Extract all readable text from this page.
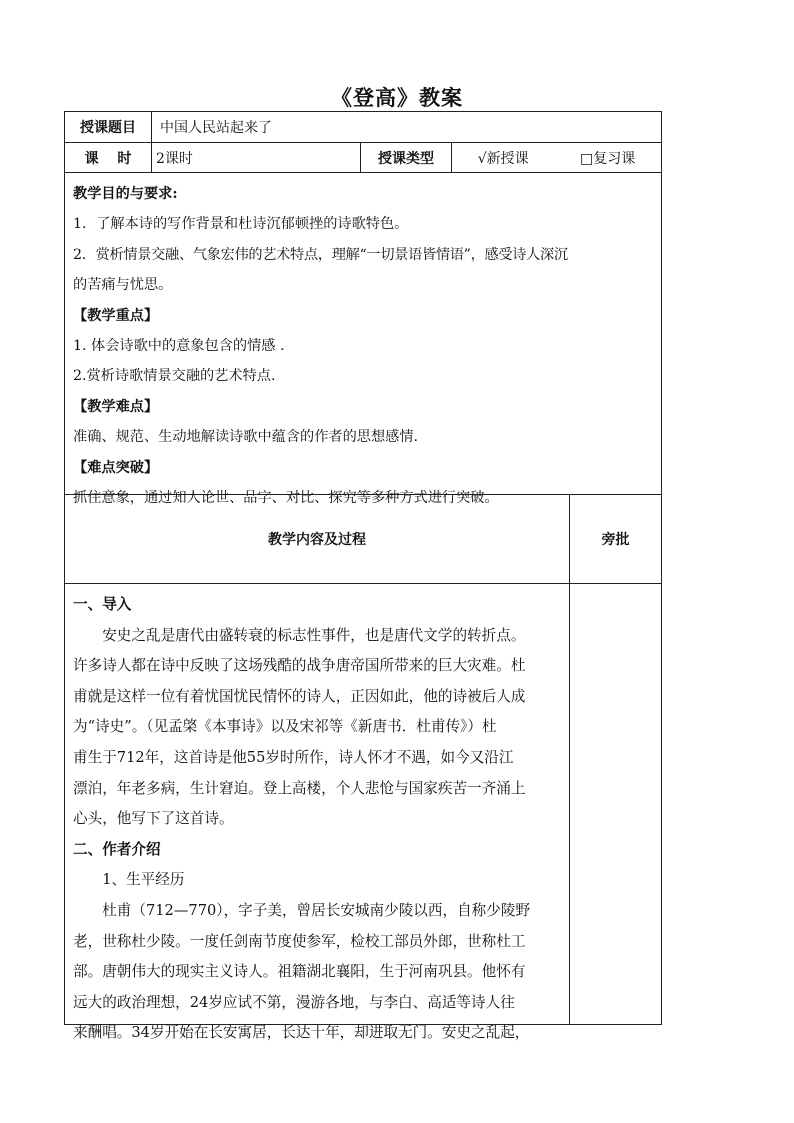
《登高》教案
授课题目	中国人民站起来了
课　 时	2课时	授课类型	√新授课	□复习课

教学目的与要求:

1．了解本诗的写作背景和杜诗沉郁顿挫的诗歌特色。

2．赏析情景交融、气象宏伟的艺术特点，理解“一切景语皆情语”，感受诗人深沉

的苦痛与忧思。

【教学重点】

1. 体会诗歌中的意象包含的情感 .

2.赏析诗歌情景交融的艺术特点.

【教学难点】

准确、规范、生动地解读诗歌中蕴含的作者的思想感情.

【难点突破】

抓住意象，通过知人论世、品字、对比、探究等多种方式进行突破。

教学内容及过程	旁批

一、导入

安史之乱是唐代由盛转衰的标志性事件，也是唐代文学的转折点。

许多诗人都在诗中反映了这场残酷的战争唐帝国所带来的巨大灾难。杜

甫就是这样一位有着忧国忧民情怀的诗人，正因如此，他的诗被后人成

为“诗史”。（见孟棨《本事诗》以及宋祁等《新唐书．杜甫传》）杜

甫生于712年，这首诗是他55岁时所作，诗人怀才不遇，如今又沿江

漂泊，年老多病，生计窘迫。登上高楼，个人悲怆与国家疾苦一齐涌上

心头，他写下了这首诗。

二、作者介绍

1、生平经历

杜甫（712—770），字子美，曾居长安城南少陵以西，自称少陵野

老，世称杜少陵。一度任剑南节度使参军，检校工部员外郎，世称杜工

部。唐朝伟大的现实主义诗人。祖籍湖北襄阳，生于河南巩县。他怀有

远大的政治理想，24岁应试不第，漫游各地，与李白、高适等诗人往

来酬唱。34岁开始在长安寓居，长达十年，却进取无门。安史之乱起，
